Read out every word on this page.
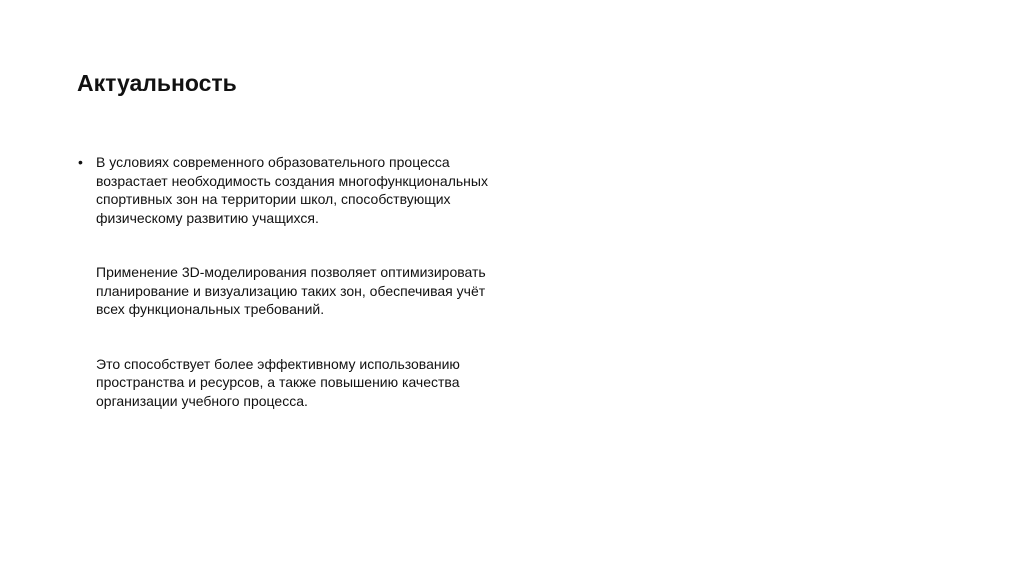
Актуальность
• В условиях современного образовательного процесса возрастает необходимость создания многофункциональных спортивных зон на территории школ, способствующих физическому развитию учащихся.
Применение 3D-моделирования позволяет оптимизировать планирование и визуализацию таких зон, обеспечивая учёт всех функциональных требований.
Это способствует более эффективному использованию пространства и ресурсов, а также повышению качества организации учебного процесса.
